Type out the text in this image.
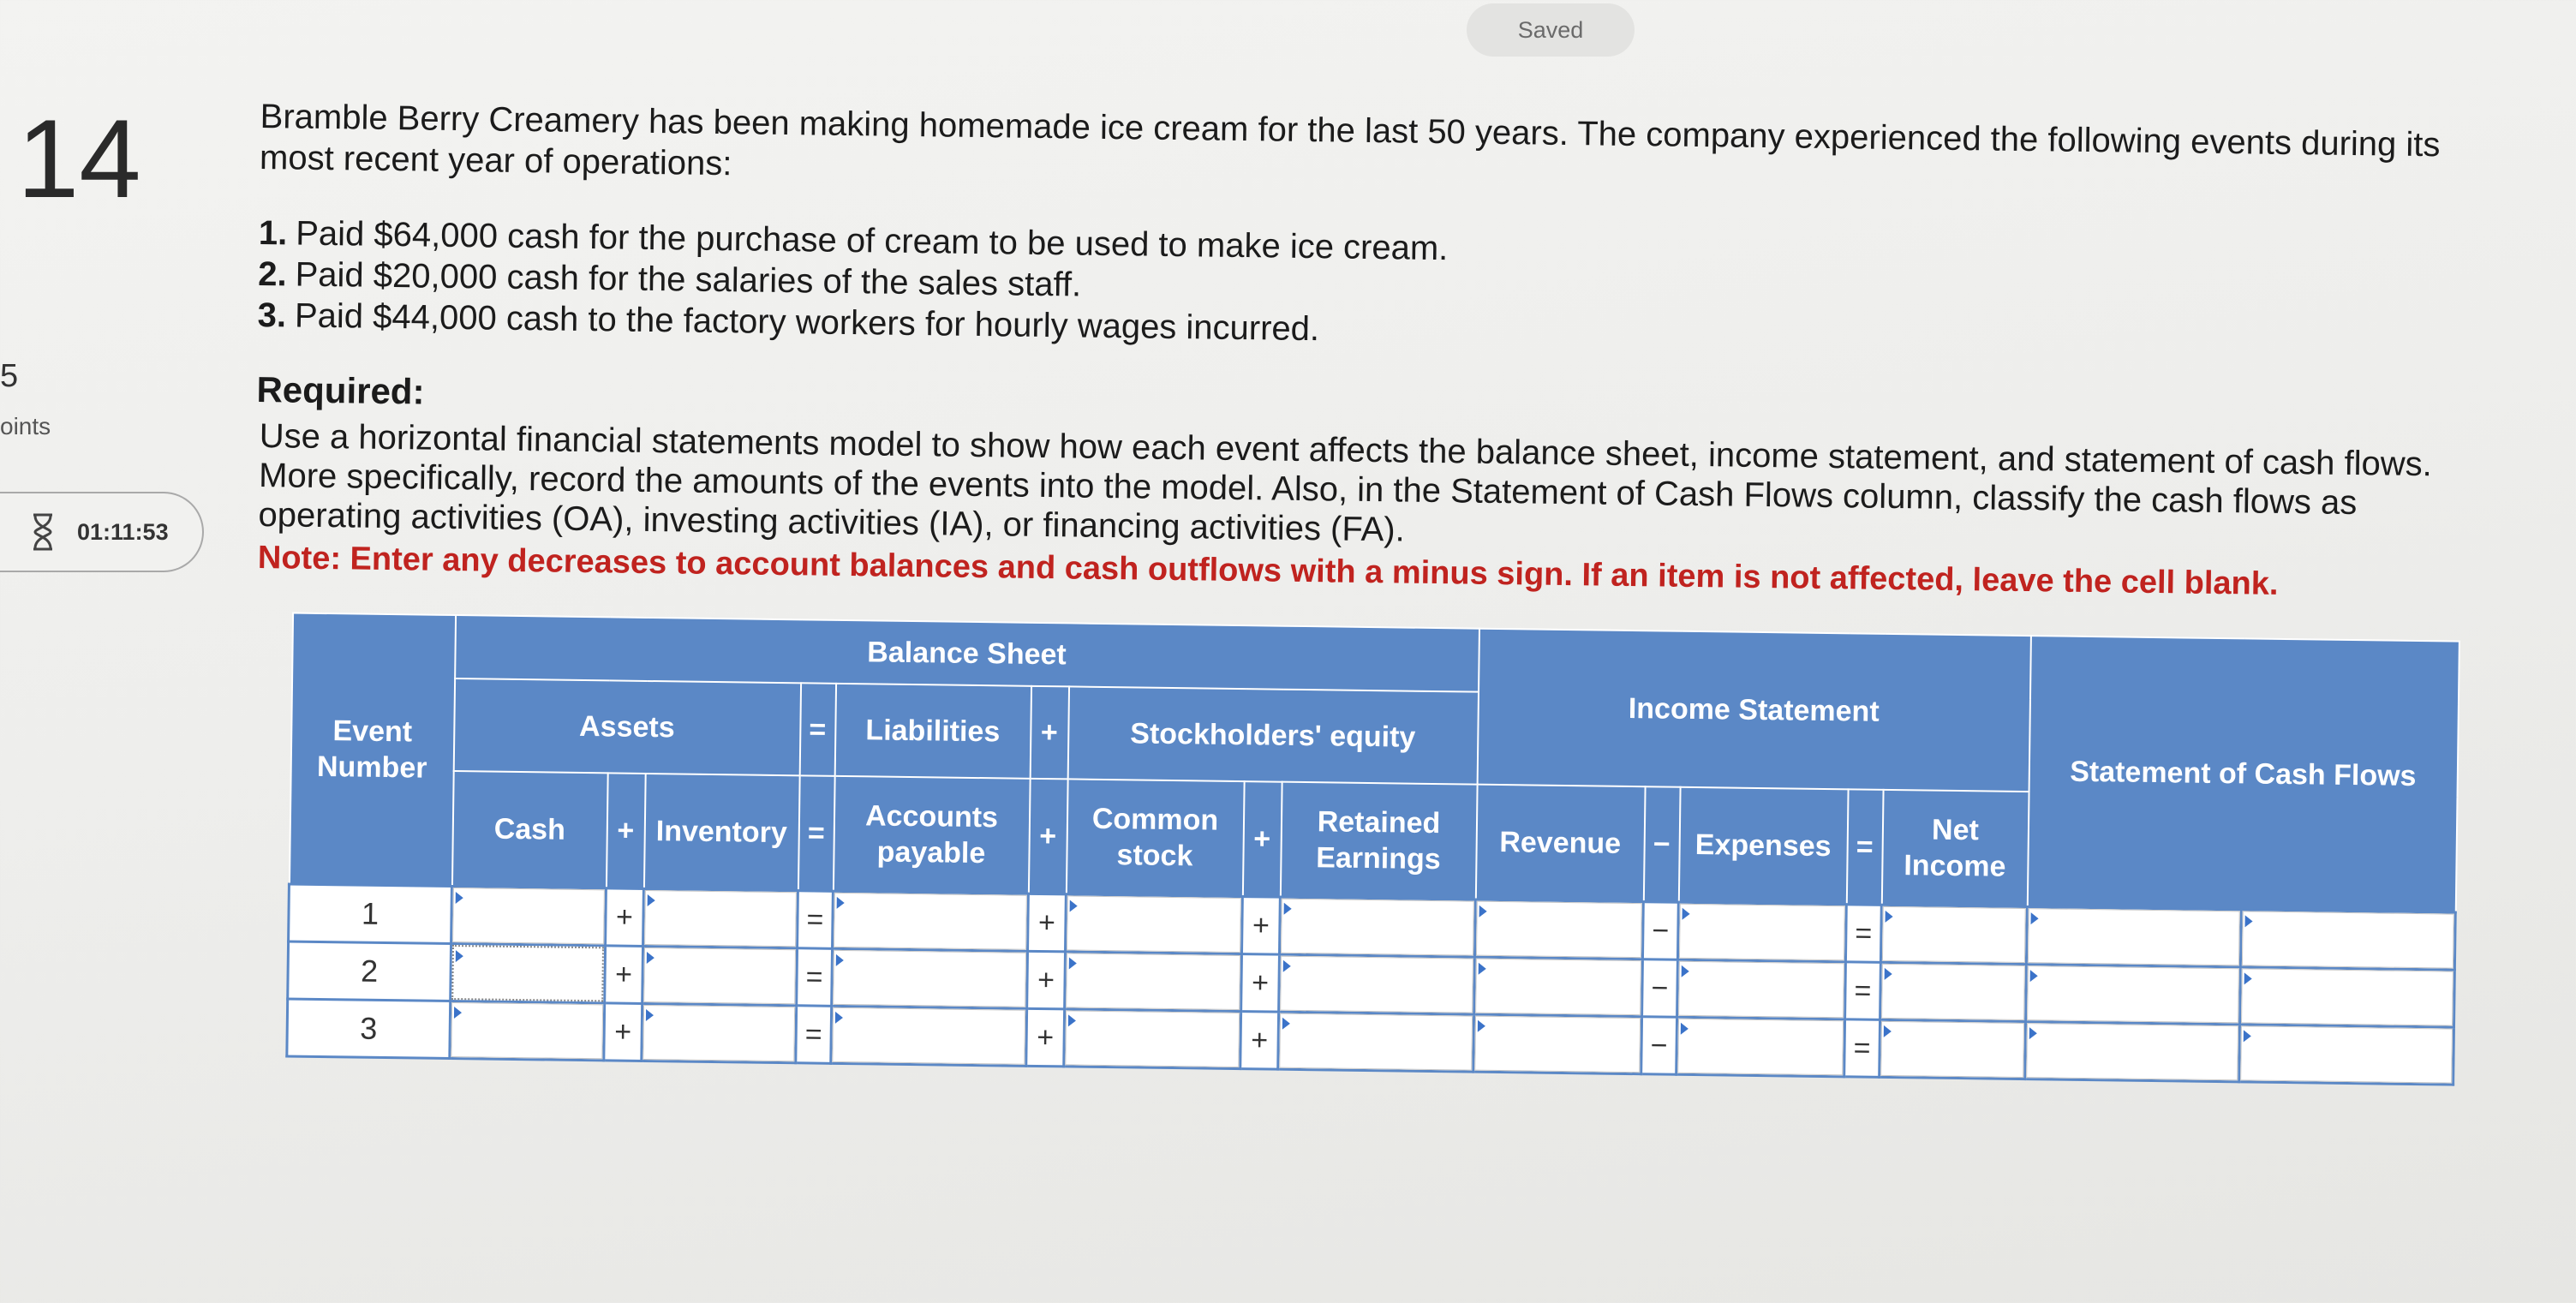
Saved
14
5
oints
01:11:53

Bramble Berry Creamery has been making homemade ice cream for the last 50 years. The company experienced the following events during its most recent year of operations:

1. Paid $64,000 cash for the purchase of cream to be used to make ice cream.
2. Paid $20,000 cash for the salaries of the sales staff.
3. Paid $44,000 cash to the factory workers for hourly wages incurred.
Required:

Use a horizontal financial statements model to show how each event affects the balance sheet, income statement, and statement of cash flows. More specifically, record the amounts of the events into the model. Also, in the Statement of Cash Flows column, classify the cash flows as operating activities (OA), investing activities (IA), or financing activities (FA).

Note: Enter any decreases to account balances and cash outflows with a minus sign. If an item is not affected, leave the cell blank.

Event Number	Balance Sheet									Income Statement					Statement of Cash Flows	
	Assets			=	Liabilities	+	Stockholders' equity									
	Cash	+	Inventory	=	Accounts payable	+	Common stock	+	Retained Earnings	Revenue	−	Expenses	=	Net Income		
1		+		=		+		+			−		=	

2		+		=		+		+			−		=	

3		+		=		+		+			−		=	
